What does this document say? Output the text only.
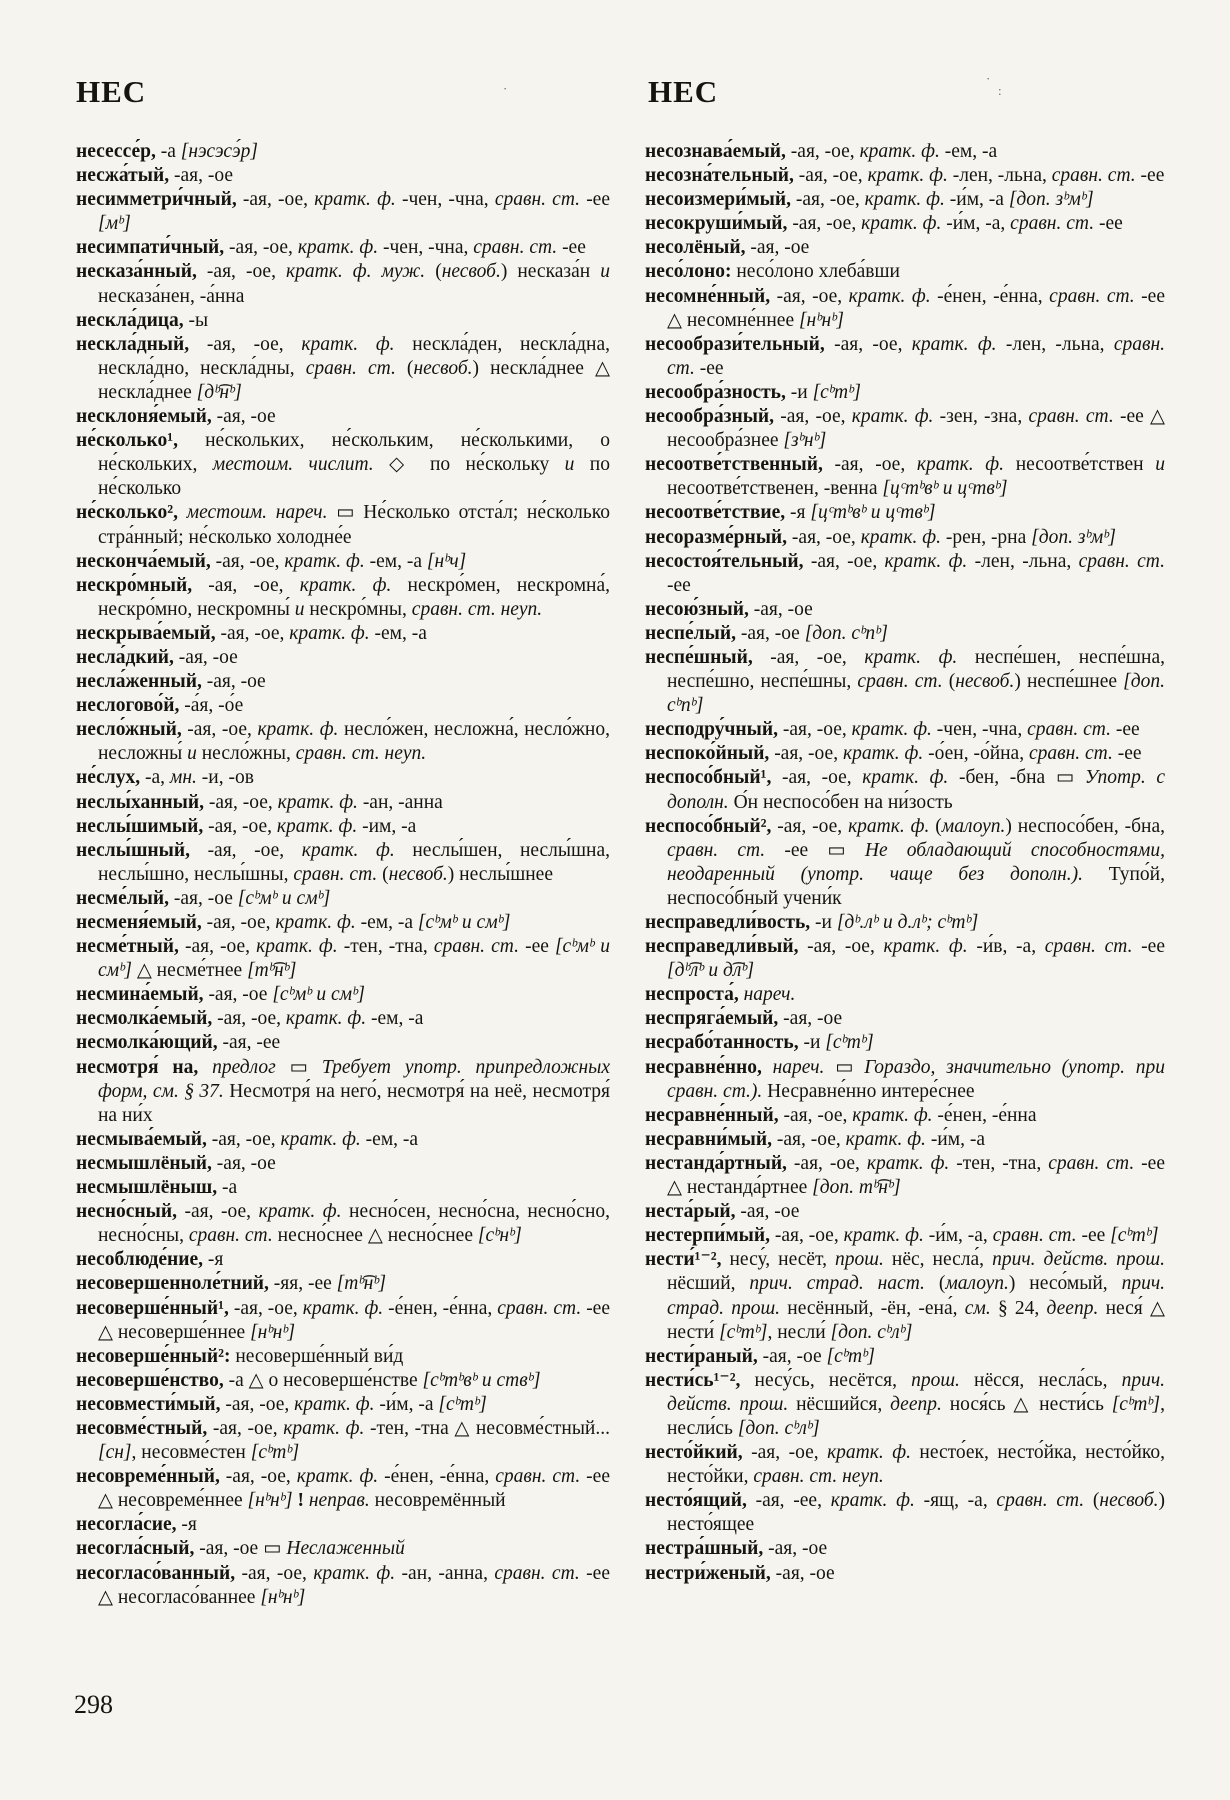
НЕС	НЕС

несессе́р, -а [нэсэсэ́р]

несжа́тый, -ая, -ое

несимметри́чный, -ая, -ое, кратк. ф. -чен, -чна, сравн. ст. -ее [мᵇ]

несимпати́чный, -ая, -ое, кратк. ф. -чен, -чна, сравн. ст. -ее

несказа́нный, -ая, -ое, кратк. ф. муж. (несвоб.) несказа́н и несказа́нен, -а́нна

нескла́дица, -ы

нескла́дный, -ая, -ое, кратк. ф. нескла́ден, нескла́дна, нескла́дно, нескла́дны, сравн. ст. (несвоб.) нескла́днее △ нескла́днее [дᵇ͡нᵇ]

несклоня́емый, -ая, -ое

не́сколько¹, не́скольких, не́скольким, не́сколькими, о не́скольких, местоим. числит. ◇ по не́скольку и по не́сколько

не́сколько², местоим. нареч. ▭ Не́сколько отста́л; не́сколько стра́нный; не́сколько холодне́е

несконча́емый, -ая, -ое, кратк. ф. -ем, -а [нᵇч]

нескро́мный, -ая, -ое, кратк. ф. нескро́мен, нескромна́, нескро́мно, нескромны́ и нескро́мны, сравн. ст. неуп.

нескрыва́емый, -ая, -ое, кратк. ф. -ем, -а

несла́дкий, -ая, -ое

несла́женный, -ая, -ое

неслогово́й, -а́я, -о́е

несло́жный, -ая, -ое, кратк. ф. несло́жен, несложна́, несло́жно, несложны́ и несло́жны, сравн. ст. неуп.

не́слух, -а, мн. -и, -ов

неслы́ханный, -ая, -ое, кратк. ф. -ан, -анна

неслы́шимый, -ая, -ое, кратк. ф. -им, -а

неслы́шный, -ая, -ое, кратк. ф. неслы́шен, неслы́шна, неслы́шно, неслы́шны, сравн. ст. (несвоб.) неслы́шнее

несме́лый, -ая, -ое [сᵇмᵇ и смᵇ]

несменя́емый, -ая, -ое, кратк. ф. -ем, -а [сᵇмᵇ и смᵇ]

несме́тный, -ая, -ое, кратк. ф. -тен, -тна, сравн. ст. -ее [сᵇмᵇ и смᵇ] △ несме́тнее [тᵇ͡нᵇ]

несмина́емый, -ая, -ое [сᵇмᵇ и смᵇ]

несмолка́емый, -ая, -ое, кратк. ф. -ем, -а

несмолка́ющий, -ая, -ее

несмотря́ на, предлог ▭ Требует употр. припредложных форм, см. § 37. Несмотря́ на него́, несмотря́ на неё, несмотря́ на ни́х

несмыва́емый, -ая, -ое, кратк. ф. -ем, -а

несмышлёный, -ая, -ое

несмышлёныш, -а

несно́сный, -ая, -ое, кратк. ф. несно́сен, несно́сна, несно́сно, несно́сны, сравн. ст. несно́снее △ несно́снее [сᵇнᵇ]

несоблюде́ние, -я

несовершенноле́тний, -яя, -ее [тᵇ͡нᵇ]

несоверше́нный¹, -ая, -ое, кратк. ф. -е́нен, -е́нна, сравн. ст. -ее △ несоверше́ннее [нᵇнᵇ]

несоверше́нный²: несоверше́нный ви́д

несоверше́нство, -а △ о несоверше́нстве [сᵇтᵇвᵇ и ствᵇ]

несовмести́мый, -ая, -ое, кратк. ф. -и́м, -а [сᵇтᵇ]

несовме́стный, -ая, -ое, кратк. ф. -тен, -тна △ несовме́стный... [сн], несовме́стен [сᵇтᵇ]

несовреме́нный, -ая, -ое, кратк. ф. -е́нен, -е́нна, сравн. ст. -ее △ несовреме́ннее [нᵇнᵇ] ! неправ. несовремённый

несогла́сие, -я

несогла́сный, -ая, -ое ▭ Неслаженный

несогласо́ванный, -ая, -ое, кратк. ф. -ан, -анна, сравн. ст. -ее △ несогласо́ваннее [нᵇнᵇ]

несознава́емый, -ая, -ое, кратк. ф. -ем, -а

несозна́тельный, -ая, -ое, кратк. ф. -лен, -льна, сравн. ст. -ее

несоизмери́мый, -ая, -ое, кратк. ф. -и́м, -а [доп. зᵇмᵇ]

несокруши́мый, -ая, -ое, кратк. ф. -и́м, -а, сравн. ст. -ее

несолёный, -ая, -ое

несо́лоно: несо́лоно хлеба́вши

несомне́нный, -ая, -ое, кратк. ф. -е́нен, -е́нна, сравн. ст. -ее △ несомне́ннее [нᵇнᵇ]

несообрази́тельный, -ая, -ое, кратк. ф. -лен, -льна, сравн. ст. -ее

несообра́зность, -и [сᵇтᵇ]

несообра́зный, -ая, -ое, кратк. ф. -зен, -зна, сравн. ст. -ее △ несообра́знее [зᵇнᵇ]

несоотве́тственный, -ая, -ое, кратк. ф. несоотве́тствен и несоотве́тственен, -венна [цᶜтᵇвᵇ и цᶜтвᵇ]

несоотве́тствие, -я [цᶜтᵇвᵇ и цᶜтвᵇ]

несоразме́рный, -ая, -ое, кратк. ф. -рен, -рна [доп. зᵇмᵇ]

несостоя́тельный, -ая, -ое, кратк. ф. -лен, -льна, сравн. ст. -ее

несою́зный, -ая, -ое

неспе́лый, -ая, -ое [доп. сᵇпᵇ]

неспе́шный, -ая, -ое, кратк. ф. неспе́шен, неспе́шна, неспе́шно, неспе́шны, сравн. ст. (несвоб.) неспе́шнее [доп. сᵇпᵇ]

несподру́чный, -ая, -ое, кратк. ф. -чен, -чна, сравн. ст. -ее

неспоко́йный, -ая, -ое, кратк. ф. -о́ен, -о́йна, сравн. ст. -ее

неспосо́бный¹, -ая, -ое, кратк. ф. -бен, -бна ▭ Употр. с дополн. О́н неспосо́бен на ни́зость

неспосо́бный², -ая, -ое, кратк. ф. (малоуп.) неспосо́бен, -бна, сравн. ст. -ее ▭ Не обладающий способностями, неодаренный (употр. чаще без дополн.). Тупо́й, неспосо́бный учени́к

несправедли́вость, -и [дᵇ.лᵇ и д.лᵇ; сᵇтᵇ]

несправедли́вый, -ая, -ое, кратк. ф. -и́в, -а, сравн. ст. -ее [дᵇ͡лᵇ и д͡лᵇ]

неспроста́, нареч.

неспряга́емый, -ая, -ое

несрабо́танность, -и [сᵇтᵇ]

несравне́нно, нареч. ▭ Гораздо, значительно (употр. при сравн. ст.). Несравне́нно интере́снее

несравне́нный, -ая, -ое, кратк. ф. -е́нен, -е́нна

несравни́мый, -ая, -ое, кратк. ф. -и́м, -а

нестанда́ртный, -ая, -ое, кратк. ф. -тен, -тна, сравн. ст. -ее △ нестанда́ртнее [доп. тᵇ͡нᵇ]

неста́рый, -ая, -ое

нестерпи́мый, -ая, -ое, кратк. ф. -и́м, -а, сравн. ст. -ее [сᵇтᵇ]

нести́¹⁻², несу́, несёт, прош. нёс, несла́, прич. действ. прош. нёсший, прич. страд. наст. (малоуп.) несо́мый, прич. страд. прош. несённый, -ён, -ена́, см. § 24, деепр. неся́ △ нести́ [сᵇтᵇ], несли́ [доп. сᵇлᵇ]

нести́раный, -ая, -ое [сᵇтᵇ]

нести́сь¹⁻², несу́сь, несётся, прош. нёсся, несла́сь, прич. действ. прош. нёсшийся, деепр. нося́сь △ нести́сь [сᵇтᵇ], несли́сь [доп. сᵇлᵇ]

несто́йкий, -ая, -ое, кратк. ф. несто́ек, несто́йка, несто́йко, несто́йки, сравн. ст. неуп.

несто́ящий, -ая, -ее, кратк. ф. -ящ, -а, сравн. ст. (несвоб.) несто́ящее

нестра́шный, -ая, -ое

нестри́женый, -ая, -ое

298
·
·
:
